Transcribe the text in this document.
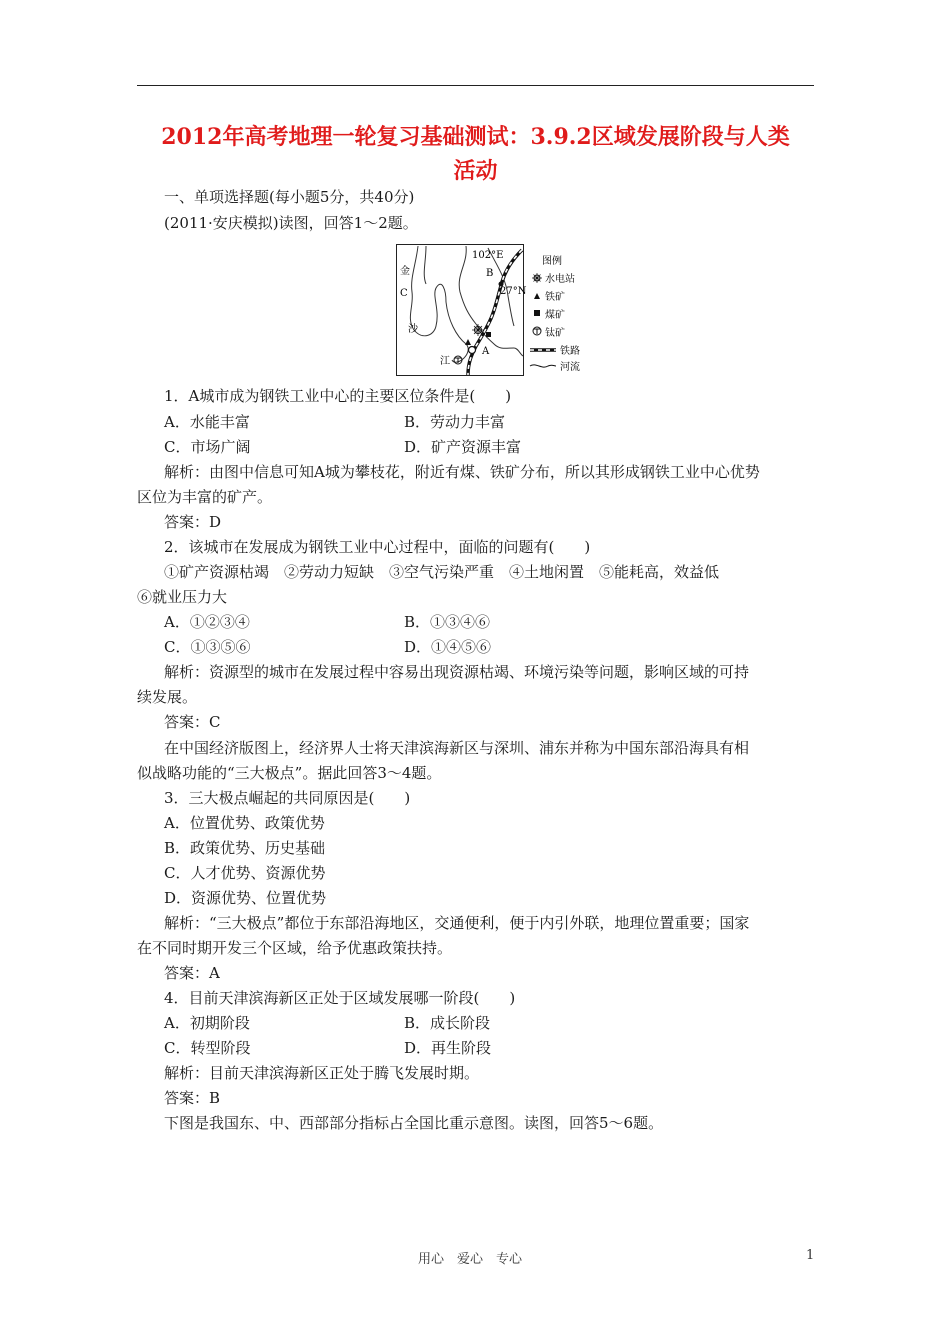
2012年高考地理一轮复习基础测试：3.9.2区域发展阶段与人类
活动
一、单项选择题(每小题5分，共40分)
(2011·安庆模拟)读图，回答1～2题。
102°E
B
27°N
A
C
金
沙
江
图例
水电站
铁矿
煤矿
钛矿
铁路
河流
1．A城市成为钢铁工业中心的主要区位条件是(　　)
A．水能丰富	B．劳动力丰富
C．市场广阔	D．矿产资源丰富
解析：由图中信息可知A城为攀枝花，附近有煤、铁矿分布，所以其形成钢铁工业中心优势
区位为丰富的矿产。
答案：D
2．该城市在发展成为钢铁工业中心过程中，面临的问题有(　　)
①矿产资源枯竭　②劳动力短缺　③空气污染严重　④土地闲置　⑤能耗高，效益低
⑥就业压力大
A．①②③④	B．①③④⑥
C．①③⑤⑥	D．①④⑤⑥
解析：资源型的城市在发展过程中容易出现资源枯竭、环境污染等问题，影响区域的可持
续发展。
答案：C
在中国经济版图上，经济界人士将天津滨海新区与深圳、浦东并称为中国东部沿海具有相
似战略功能的“三大极点”。据此回答3～4题。
3．三大极点崛起的共同原因是(　　)
A．位置优势、政策优势
B．政策优势、历史基础
C．人才优势、资源优势
D．资源优势、位置优势
解析：“三大极点”都位于东部沿海地区，交通便利，便于内引外联，地理位置重要；国家
在不同时期开发三个区域，给予优惠政策扶持。
答案：A
4．目前天津滨海新区正处于区域发展哪一阶段(　　)
A．初期阶段	B．成长阶段
C．转型阶段	D．再生阶段
解析：目前天津滨海新区正处于腾飞发展时期。
答案：B
下图是我国东、中、西部部分指标占全国比重示意图。读图，回答5～6题。
用心　爱心　专心	1
